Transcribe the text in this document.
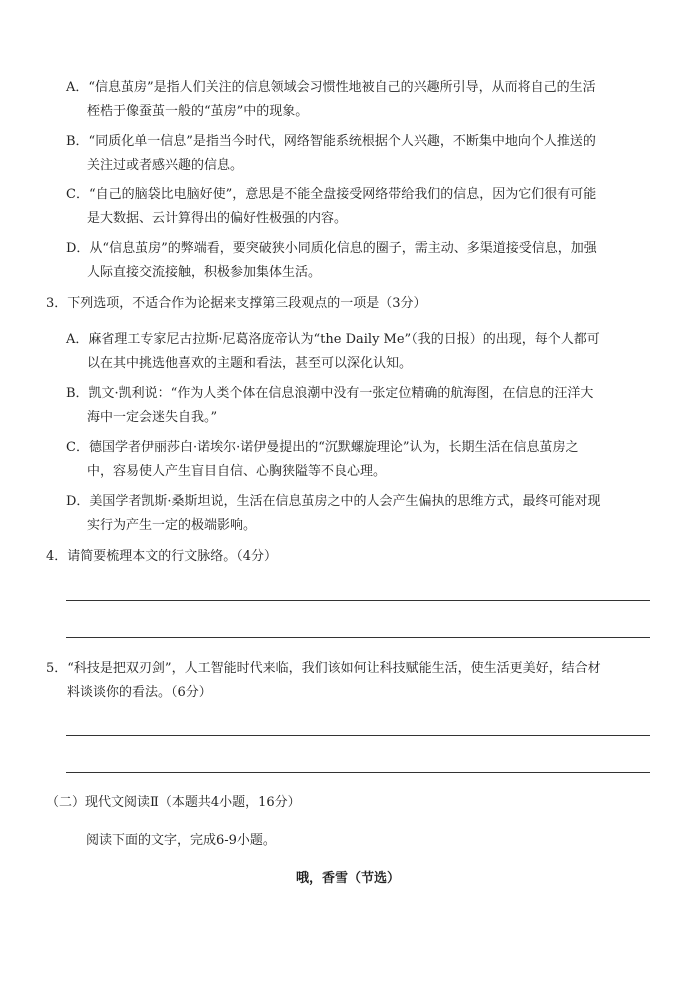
A．“信息茧房”是指人们关注的信息领域会习惯性地被自己的兴趣所引导，从而将自己的生活
桎梏于像蚕茧一般的“茧房”中的现象。
B．“同质化单一信息”是指当今时代，网络智能系统根据个人兴趣，不断集中地向个人推送的
关注过或者感兴趣的信息。
C．“自己的脑袋比电脑好使”，意思是不能全盘接受网络带给我们的信息，因为它们很有可能
是大数据、云计算得出的偏好性极强的内容。
D．从“信息茧房”的弊端看，要突破狭小同质化信息的圈子，需主动、多渠道接受信息，加强
人际直接交流接触，积极参加集体生活。
3．下列选项，不适合作为论据来支撑第三段观点的一项是（3分）
A．麻省理工专家尼古拉斯·尼葛洛庞帝认为“the Daily Me”（我的日报）的出现，每个人都可
以在其中挑选他喜欢的主题和看法，甚至可以深化认知。
B．凯文·凯利说：“作为人类个体在信息浪潮中没有一张定位精确的航海图，在信息的汪洋大
海中一定会迷失自我。”
C．德国学者伊丽莎白·诺埃尔·诺伊曼提出的“沉默螺旋理论”认为，长期生活在信息茧房之
中，容易使人产生盲目自信、心胸狭隘等不良心理。
D．美国学者凯斯·桑斯坦说，生活在信息茧房之中的人会产生偏执的思维方式，最终可能对现
实行为产生一定的极端影响。
4．请简要梳理本文的行文脉络。（4分）
5．“科技是把双刃剑”，人工智能时代来临，我们该如何让科技赋能生活，使生活更美好，结合材
料谈谈你的看法。（6分）
（二）现代文阅读Ⅱ（本题共4小题，16分）
阅读下面的文字，完成6-9小题。
哦，香雪（节选）
